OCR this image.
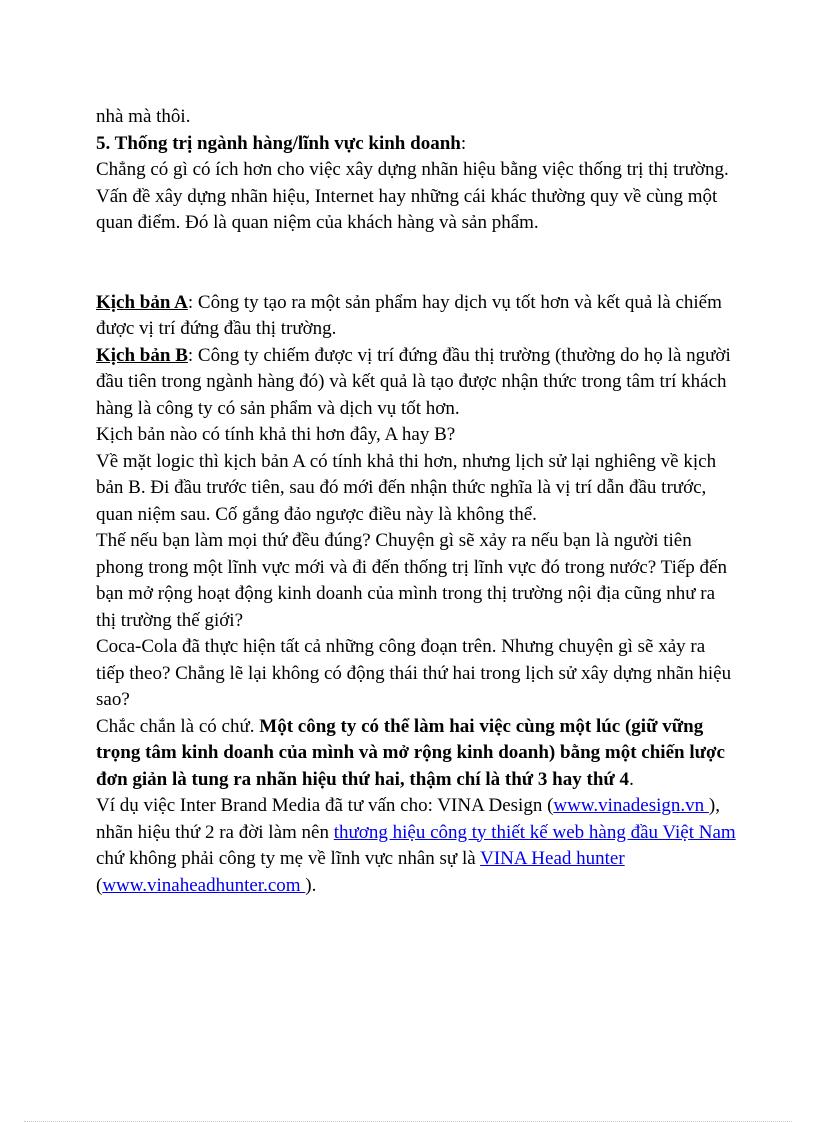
nhà mà thôi.

5. Thống trị ngành hàng/lĩnh vực kinh doanh:

Chẳng có gì có ích hơn cho việc xây dựng nhãn hiệu bằng việc thống trị thị trường. Vấn đề xây dựng nhãn hiệu, Internet hay những cái khác thường quy về cùng một quan điểm. Đó là quan niệm của khách hàng và sản phẩm.

Kịch bản A: Công ty tạo ra một sản phẩm hay dịch vụ tốt hơn và kết quả là chiếm được vị trí đứng đầu thị trường.

Kịch bản B: Công ty chiếm được vị trí đứng đầu thị trường (thường do họ là người đầu tiên trong ngành hàng đó) và kết quả là tạo được nhận thức trong tâm trí khách hàng là công ty có sản phẩm và dịch vụ tốt hơn.

Kịch bản nào có tính khả thi hơn đây, A hay B?

Về mặt logic thì kịch bản A có tính khả thi hơn, nhưng lịch sử lại nghiêng về kịch bản B. Đi đầu trước tiên, sau đó mới đến nhận thức nghĩa là vị trí dẫn đầu trước, quan niệm sau. Cố gắng đảo ngược điều này là không thể.

Thế nếu bạn làm mọi thứ đều đúng? Chuyện gì sẽ xảy ra nếu bạn là người tiên phong trong một lĩnh vực mới và đi đến thống trị lĩnh vực đó trong nước? Tiếp đến bạn mở rộng hoạt động kinh doanh của mình trong thị trường nội địa cũng như ra thị trường thế giới?

Coca-Cola đã thực hiện tất cả những công đoạn trên. Nhưng chuyện gì sẽ xảy ra tiếp theo? Chẳng lẽ lại không có động thái thứ hai trong lịch sử xây dựng nhãn hiệu sao?

Chắc chắn là có chứ. Một công ty có thể làm hai việc cùng một lúc (giữ vững trọng tâm kinh doanh của mình và mở rộng kinh doanh) bằng một chiến lược đơn giản là tung ra nhãn hiệu thứ hai, thậm chí là thứ 3 hay thứ 4.

Ví dụ việc Inter Brand Media đã tư vấn cho: VINA Design (www.vinadesign.vn ), nhãn hiệu thứ 2 ra đời làm nên thương hiệu công ty thiết kế web hàng đầu Việt Nam chứ không phải công ty mẹ về lĩnh vực nhân sự là VINA Head hunter (www.vinaheadhunter.com ).
